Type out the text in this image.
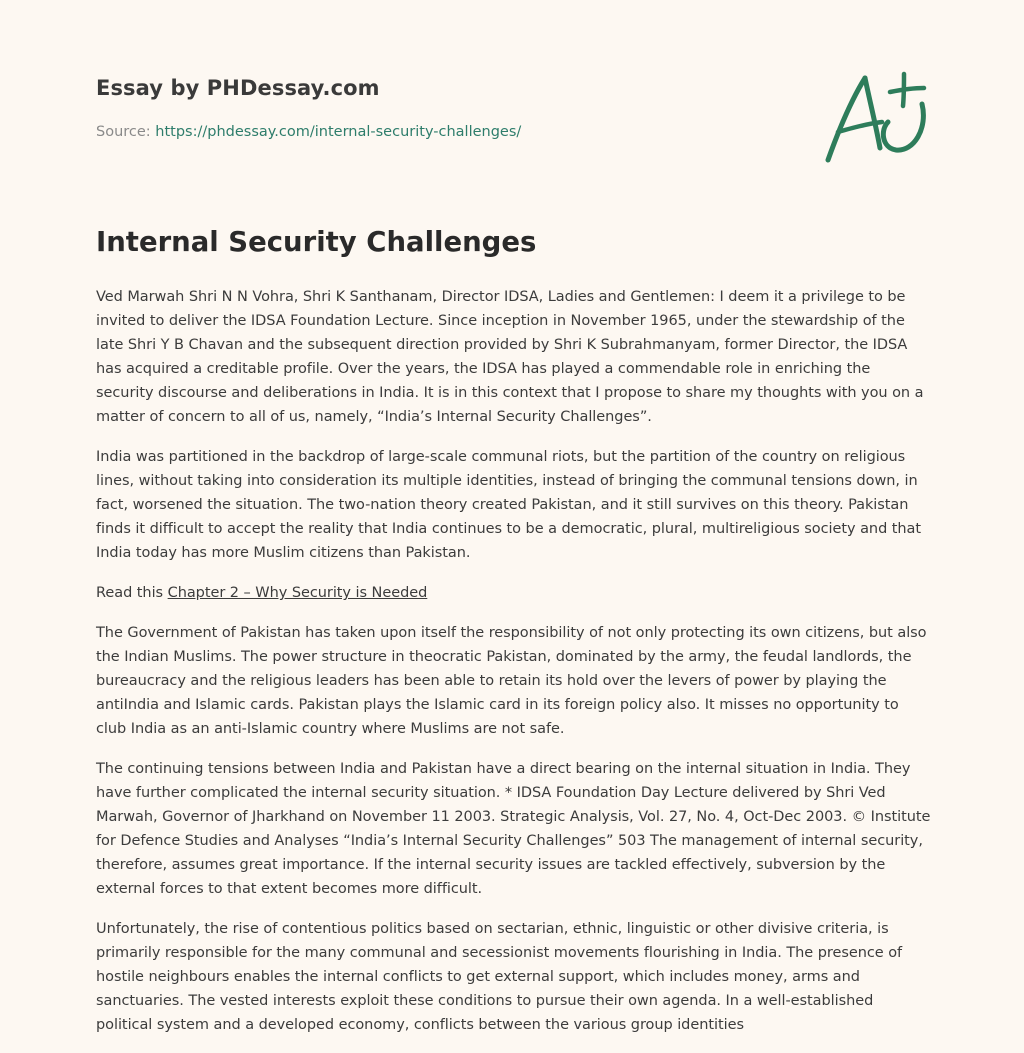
Essay by PHDessay.com
Source: https://phdessay.com/internal-security-challenges/
Internal Security Challenges

Ved Marwah Shri N N Vohra, Shri K Santhanam, Director IDSA, Ladies and Gentlemen: I deem it a privilege to be invited to deliver the IDSA Foundation Lecture. Since inception in November 1965, under the stewardship of the late Shri Y B Chavan and the subsequent direction provided by Shri K Subrahmanyam, former Director, the IDSA has acquired a creditable profile. Over the years, the IDSA has played a commendable role in enriching the security discourse and deliberations in India. It is in this context that I propose to share my thoughts with you on a matter of concern to all of us, namely, “India’s Internal Security Challenges”.

India was partitioned in the backdrop of large-scale communal riots, but the partition of the country on religious lines, without taking into consideration its multiple identities, instead of bringing the communal tensions down, in fact, worsened the situation. The two-nation theory created Pakistan, and it still survives on this theory. Pakistan finds it difficult to accept the reality that India continues to be a democratic, plural, multireligious society and that India today has more Muslim citizens than Pakistan.

Read this Chapter 2 – Why Security is Needed

The Government of Pakistan has taken upon itself the responsibility of not only protecting its own citizens, but also the Indian Muslims. The power structure in theocratic Pakistan, dominated by the army, the feudal landlords, the bureaucracy and the religious leaders has been able to retain its hold over the levers of power by playing the antiIndia and Islamic cards. Pakistan plays the Islamic card in its foreign policy also. It misses no opportunity to club India as an anti-Islamic country where Muslims are not safe.

The continuing tensions between India and Pakistan have a direct bearing on the internal situation in India. They have further complicated the internal security situation. * IDSA Foundation Day Lecture delivered by Shri Ved Marwah, Governor of Jharkhand on November 11 2003. Strategic Analysis, Vol. 27, No. 4, Oct-Dec 2003. © Institute for Defence Studies and Analyses “India’s Internal Security Challenges” 503 The management of internal security, therefore, assumes great importance. If the internal security issues are tackled effectively, subversion by the external forces to that extent becomes more difficult.

Unfortunately, the rise of contentious politics based on sectarian, ethnic, linguistic or other divisive criteria, is primarily responsible for the many communal and secessionist movements flourishing in India. The presence of hostile neighbours enables the internal conflicts to get external support, which includes money, arms and sanctuaries. The vested interests exploit these conditions to pursue their own agenda. In a well-established political system and a developed economy, conflicts between the various group identities
